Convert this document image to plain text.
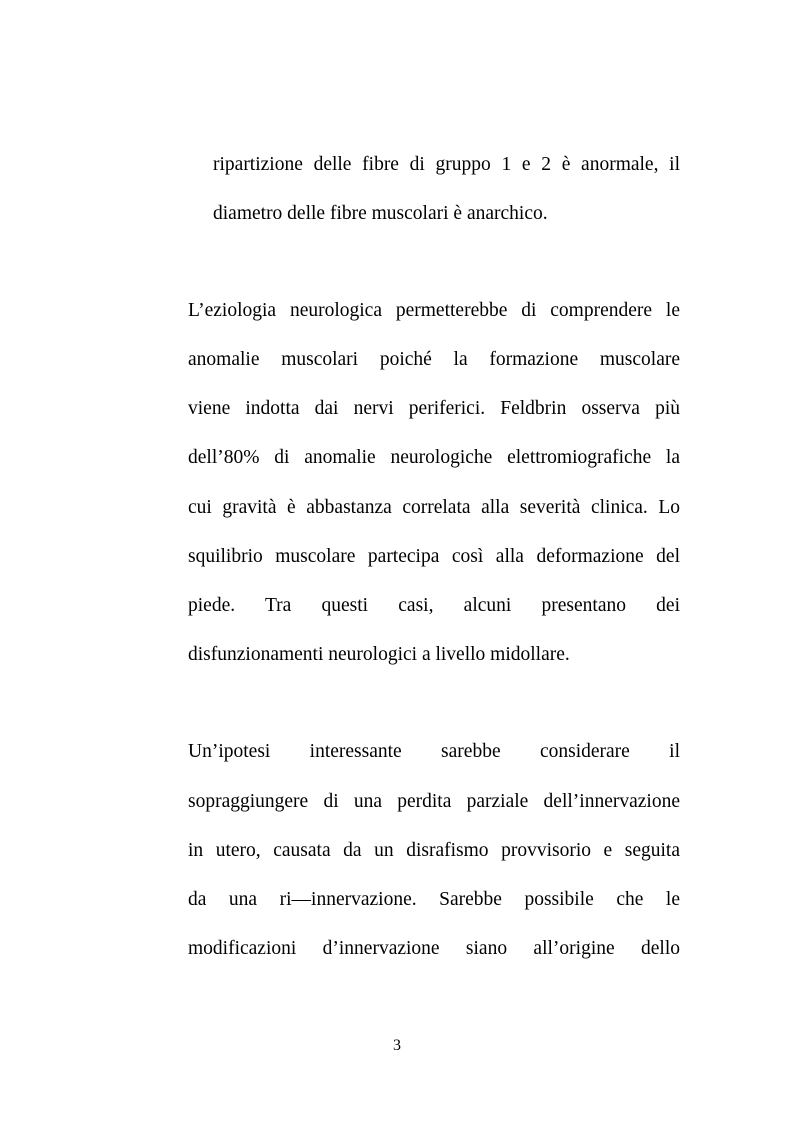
ripartizione delle fibre di gruppo 1 e 2 è anormale, il

diametro delle fibre muscolari è anarchico.

L’eziologia neurologica permetterebbe di comprendere le

anomalie muscolari poiché la formazione muscolare

viene indotta dai nervi periferici. Feldbrin osserva più

dell’80% di anomalie neurologiche elettromiografiche la

cui gravità è abbastanza correlata alla severità clinica. Lo

squilibrio muscolare partecipa così alla deformazione del

piede. Tra questi casi, alcuni presentano dei

disfunzionamenti neurologici a livello midollare.

Un’ipotesi interessante sarebbe considerare il

sopraggiungere di una perdita parziale dell’innervazione

in utero, causata da un disrafismo provvisorio e seguita

da una ri—innervazione. Sarebbe possibile che le

modificazioni d’innervazione siano all’origine dello

3
